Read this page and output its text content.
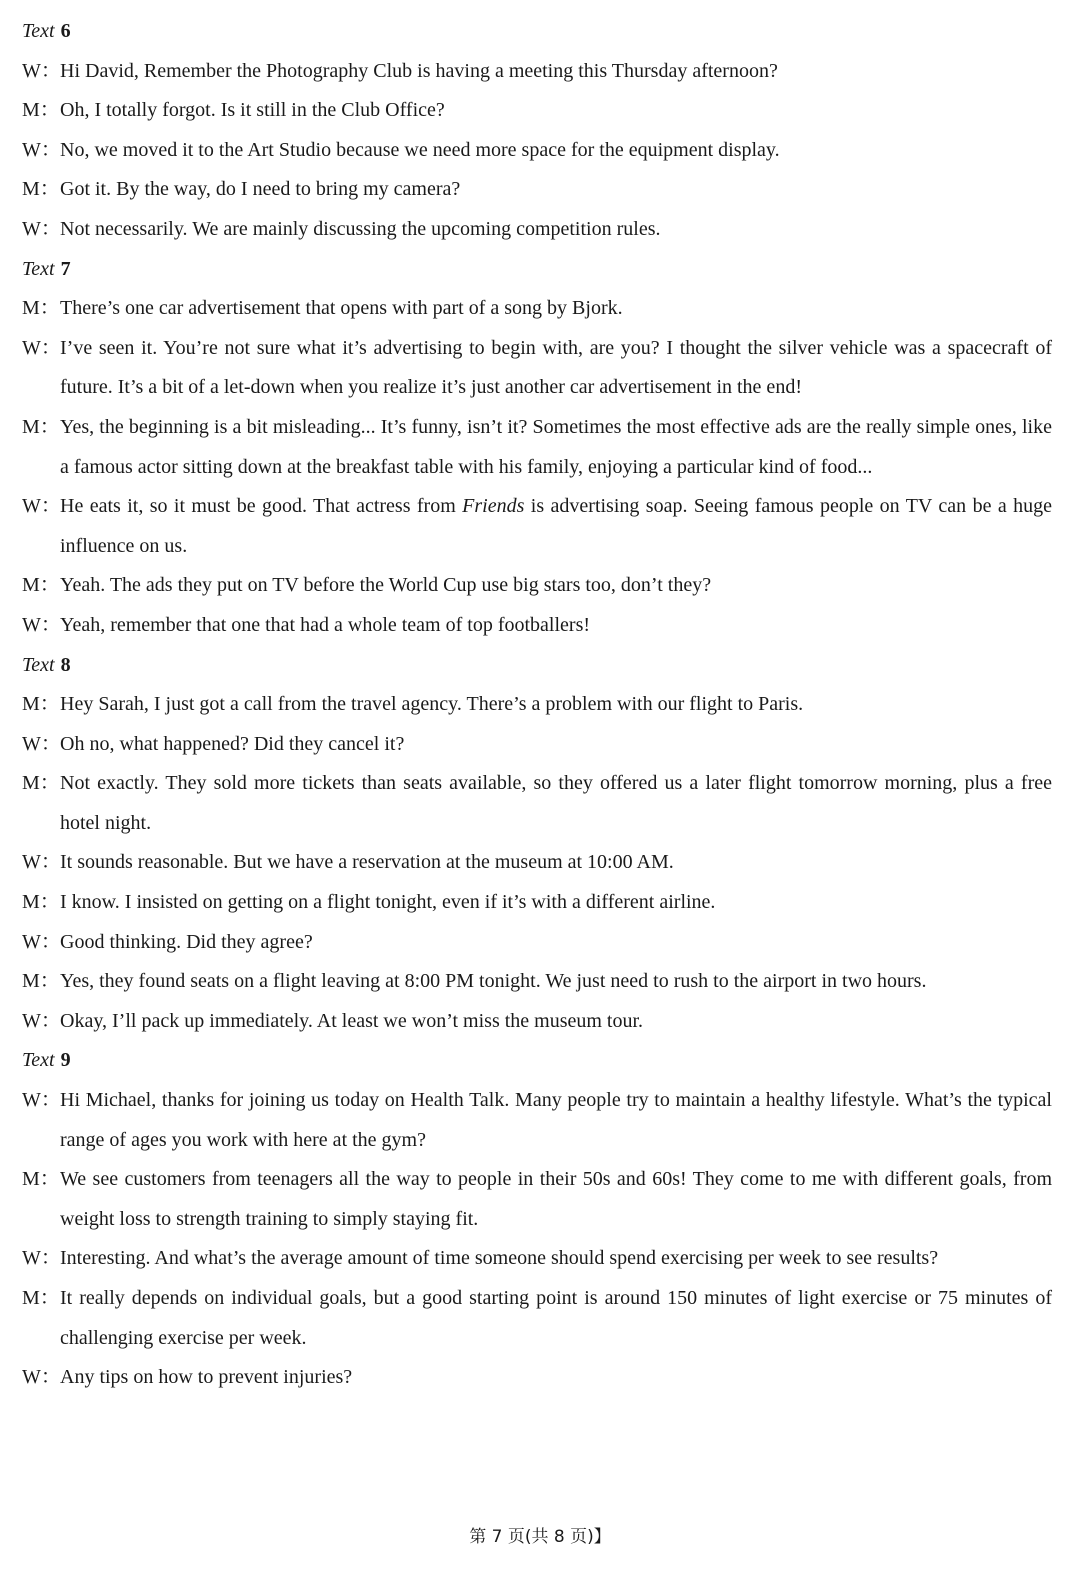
Text 6

W： Hi David, Remember the Photography Club is having a meeting this Thursday afternoon?

M： Oh, I totally forgot. Is it still in the Club Office?

W： No, we moved it to the Art Studio because we need more space for the equipment display.

M： Got it. By the way, do I need to bring my camera?

W： Not necessarily. We are mainly discussing the upcoming competition rules.

Text 7

M： There’s one car advertisement that opens with part of a song by Bjork.

W： I’ve seen it. You’re not sure what it’s advertising to begin with, are you? I thought the silver vehicle was a spacecraft of future. It’s a bit of a let-down when you realize it’s just another car advertisement in the end!

M： Yes, the beginning is a bit misleading... It’s funny, isn’t it? Sometimes the most effective ads are the really simple ones, like a famous actor sitting down at the breakfast table with his family, enjoying a particular kind of food...

W： He eats it, so it must be good. That actress from Friends is advertising soap. Seeing famous people on TV can be a huge influence on us.

M： Yeah. The ads they put on TV before the World Cup use big stars too, don’t they?

W： Yeah, remember that one that had a whole team of top footballers!

Text 8

M： Hey Sarah, I just got a call from the travel agency. There’s a problem with our flight to Paris.

W： Oh no, what happened? Did they cancel it?

M： Not exactly. They sold more tickets than seats available, so they offered us a later flight tomorrow morning, plus a free hotel night.

W： It sounds reasonable. But we have a reservation at the museum at 10:00 AM.

M： I know. I insisted on getting on a flight tonight, even if it’s with a different airline.

W： Good thinking. Did they agree?

M： Yes, they found seats on a flight leaving at 8:00 PM tonight. We just need to rush to the airport in two hours.

W： Okay, I’ll pack up immediately. At least we won’t miss the museum tour.

Text 9

W： Hi Michael, thanks for joining us today on Health Talk. Many people try to maintain a healthy lifestyle. What’s the typical range of ages you work with here at the gym?

M： We see customers from teenagers all the way to people in their 50s and 60s! They come to me with different goals, from weight loss to strength training to simply staying fit.

W： Interesting. And what’s the average amount of time someone should spend exercising per week to see results?

M： It really depends on individual goals, but a good starting point is around 150 minutes of light exercise or 75 minutes of challenging exercise per week.

W： Any tips on how to prevent injuries?

第 7 页(共 8 页)】
